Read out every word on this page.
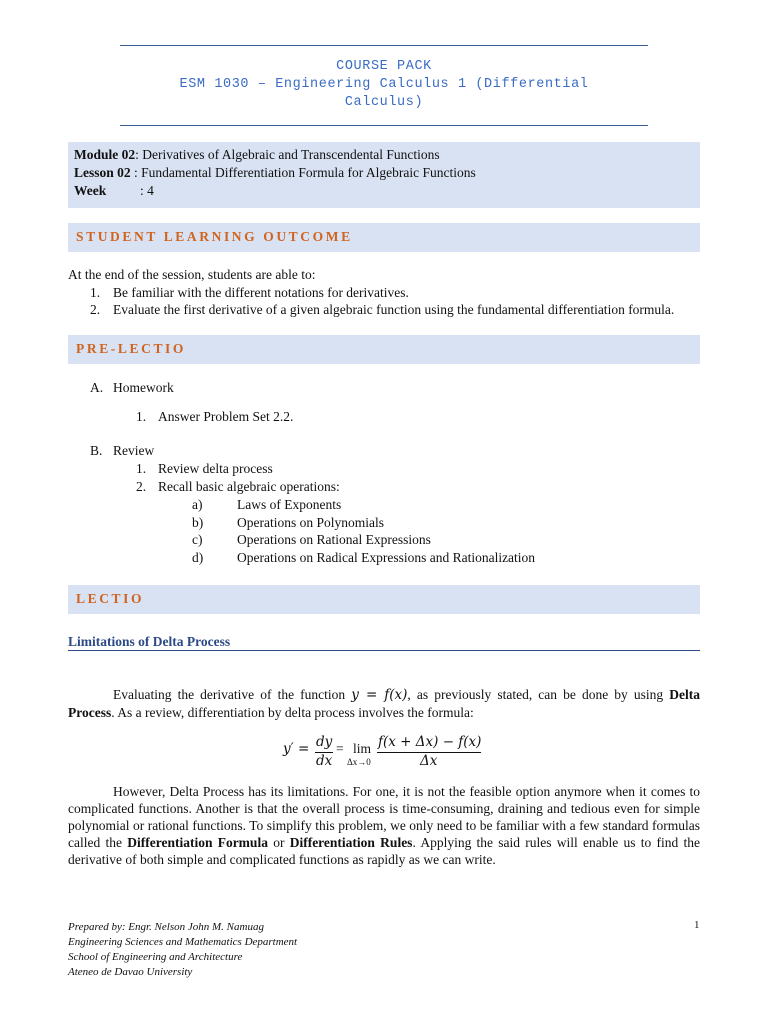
COURSE PACK
ESM 1030 – Engineering Calculus 1 (Differential
Calculus)
Module 02: Derivatives of Algebraic and Transcendental Functions
Lesson 02 : Fundamental Differentiation Formula for Algebraic Functions
Week	: 4
STUDENT LEARNING OUTCOME
At the end of the session, students are able to:
1. Be familiar with the different notations for derivatives.
2. Evaluate the first derivative of a given algebraic function using the fundamental differentiation formula.
PRE-LECTIO
A. Homework
1. Answer Problem Set 2.2.
B. Review
1. Review delta process
2. Recall basic algebraic operations:
a)	Laws of Exponents
b)	Operations on Polynomials
c)	Operations on Rational Expressions
d)	Operations on Radical Expressions and Rationalization
LECTIO
Limitations of Delta Process
Evaluating the derivative of the function y = f(x), as previously stated, can be done by using Delta Process. As a review, differentiation by delta process involves the formula:
y′ = dy
dx
= lim
Δx→0
f(x + Δx) − f(x)
Δx
However, Delta Process has its limitations. For one, it is not the feasible option anymore when it comes to complicated functions. Another is that the overall process is time-consuming, draining and tedious even for simple polynomial or rational functions. To simplify this problem, we only need to be familiar with a few standard formulas called the Differentiation Formula or Differentiation Rules. Applying the said rules will enable us to find the derivative of both simple and complicated functions as rapidly as we can write.
Prepared by: Engr. Nelson John M. Namuag
Engineering Sciences and Mathematics Department
School of Engineering and Architecture
Ateneo de Davao University
1
